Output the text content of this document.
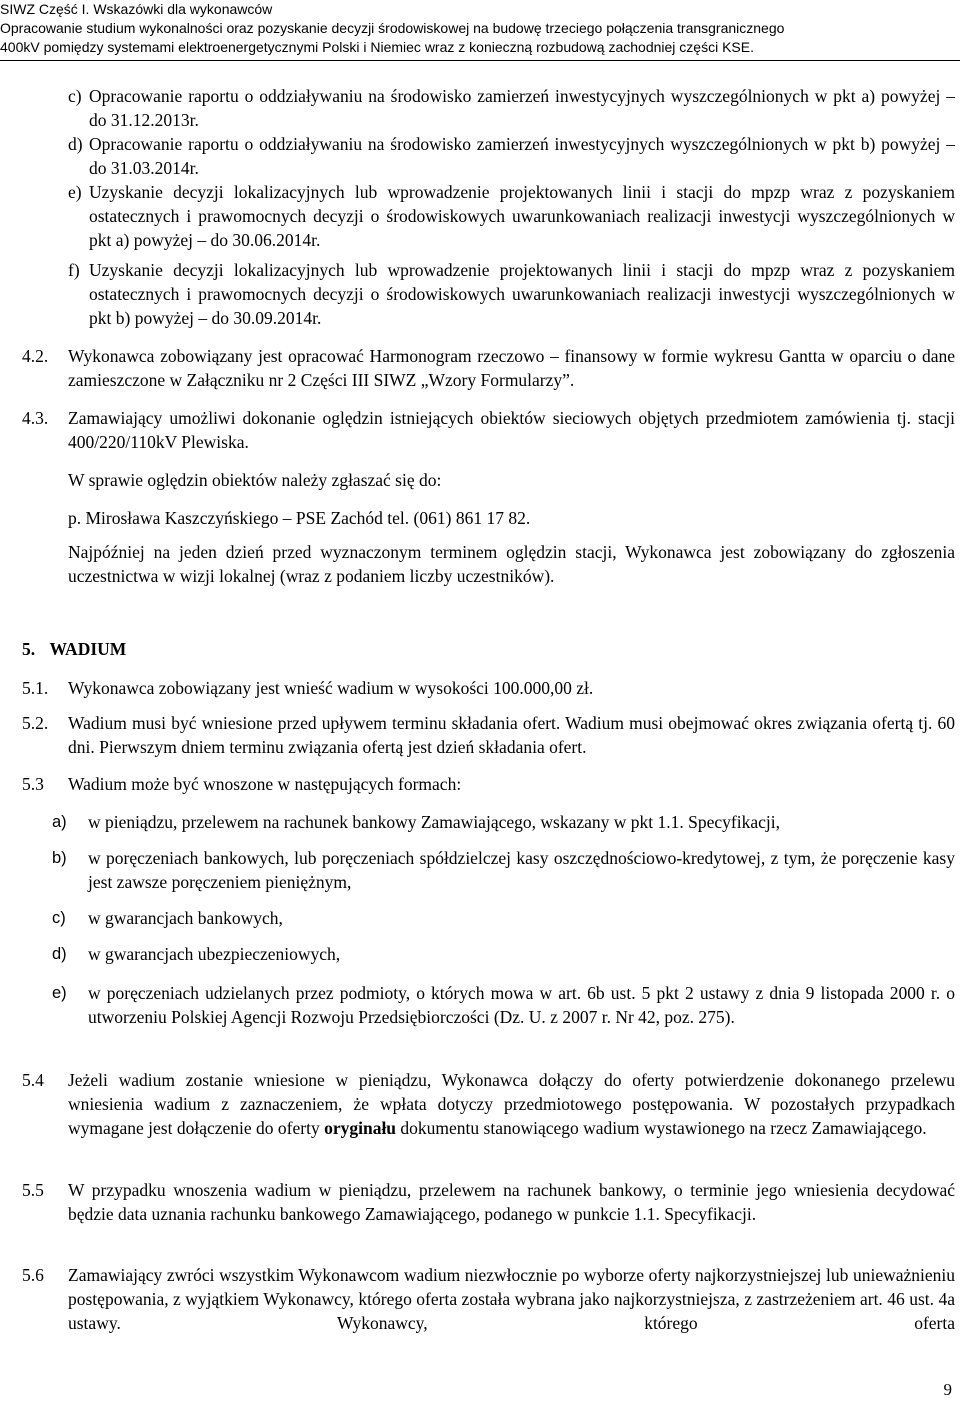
SIWZ Część I. Wskazówki dla wykonawców
Opracowanie studium wykonalności oraz pozyskanie decyzji środowiskowej na budowę trzeciego połączenia transgranicznego
400kV pomiędzy systemami elektroenergetycznymi Polski i Niemiec wraz z konieczną rozbudową zachodniej części KSE.
c) Opracowanie raportu o oddziaływaniu na środowisko zamierzeń inwestycyjnych wyszczególnionych w pkt a) powyżej – do 31.12.2013r.
d) Opracowanie raportu o oddziaływaniu na środowisko zamierzeń inwestycyjnych wyszczególnionych w pkt b) powyżej – do 31.03.2014r.
e) Uzyskanie decyzji lokalizacyjnych lub wprowadzenie projektowanych linii i stacji do mpzp wraz z pozyskaniem ostatecznych i prawomocnych decyzji o środowiskowych uwarunkowaniach realizacji inwestycji wyszczególnionych w pkt a) powyżej – do 30.06.2014r.
f) Uzyskanie decyzji lokalizacyjnych lub wprowadzenie projektowanych linii i stacji do mpzp wraz z pozyskaniem ostatecznych i prawomocnych decyzji o środowiskowych uwarunkowaniach realizacji inwestycji wyszczególnionych w pkt b) powyżej – do 30.09.2014r.
4.2. Wykonawca zobowiązany jest opracować Harmonogram rzeczowo – finansowy w formie wykresu Gantta w oparciu o dane zamieszczone w Załączniku nr 2 Części III SIWZ „Wzory Formularzy”.
4.3. Zamawiający umożliwi dokonanie oględzin istniejących obiektów sieciowych objętych przedmiotem zamówienia tj. stacji 400/220/110kV Plewiska.
W sprawie oględzin obiektów należy zgłaszać się do:
p. Mirosława Kaszczyńskiego – PSE Zachód tel. (061) 861 17 82.
Najpóźniej na jeden dzień przed wyznaczonym terminem oględzin stacji, Wykonawca jest zobowiązany do zgłoszenia uczestnictwa w wizji lokalnej (wraz z podaniem liczby uczestników).
5. WADIUM
5.1. Wykonawca zobowiązany jest wnieść wadium w wysokości 100.000,00 zł.
5.2. Wadium musi być wniesione przed upływem terminu składania ofert. Wadium musi obejmować okres związania ofertą tj. 60 dni. Pierwszym dniem terminu związania ofertą jest dzień składania ofert.
5.3 Wadium może być wnoszone w następujących formach:
a) w pieniądzu, przelewem na rachunek bankowy Zamawiającego, wskazany w pkt 1.1. Specyfikacji,
b) w poręczeniach bankowych, lub poręczeniach spółdzielczej kasy oszczędnościowo-kredytowej, z tym, że poręczenie kasy jest zawsze poręczeniem pieniężnym,
c) w gwarancjach bankowych,
d) w gwarancjach ubezpieczeniowych,
e) w poręczeniach udzielanych przez podmioty, o których mowa w art. 6b ust. 5 pkt 2 ustawy z dnia 9 listopada 2000 r. o utworzeniu Polskiej Agencji Rozwoju Przedsiębiorczości (Dz. U. z 2007 r. Nr 42, poz. 275).
5.4 Jeżeli wadium zostanie wniesione w pieniądzu, Wykonawca dołączy do oferty potwierdzenie dokonanego przelewu wniesienia wadium z zaznaczeniem, że wpłata dotyczy przedmiotowego postępowania. W pozostałych przypadkach wymagane jest dołączenie do oferty oryginału dokumentu stanowiącego wadium wystawionego na rzecz Zamawiającego.
5.5 W przypadku wnoszenia wadium w pieniądzu, przelewem na rachunek bankowy, o terminie jego wniesienia decydować będzie data uznania rachunku bankowego Zamawiającego, podanego w punkcie 1.1. Specyfikacji.
5.6 Zamawiający zwróci wszystkim Wykonawcom wadium niezwłocznie po wyborze oferty najkorzystniejszej lub unieważnieniu postępowania, z wyjątkiem Wykonawcy, którego oferta została wybrana jako najkorzystniejsza, z zastrzeżeniem art. 46 ust. 4a ustawy. Wykonawcy, którego oferta
9
